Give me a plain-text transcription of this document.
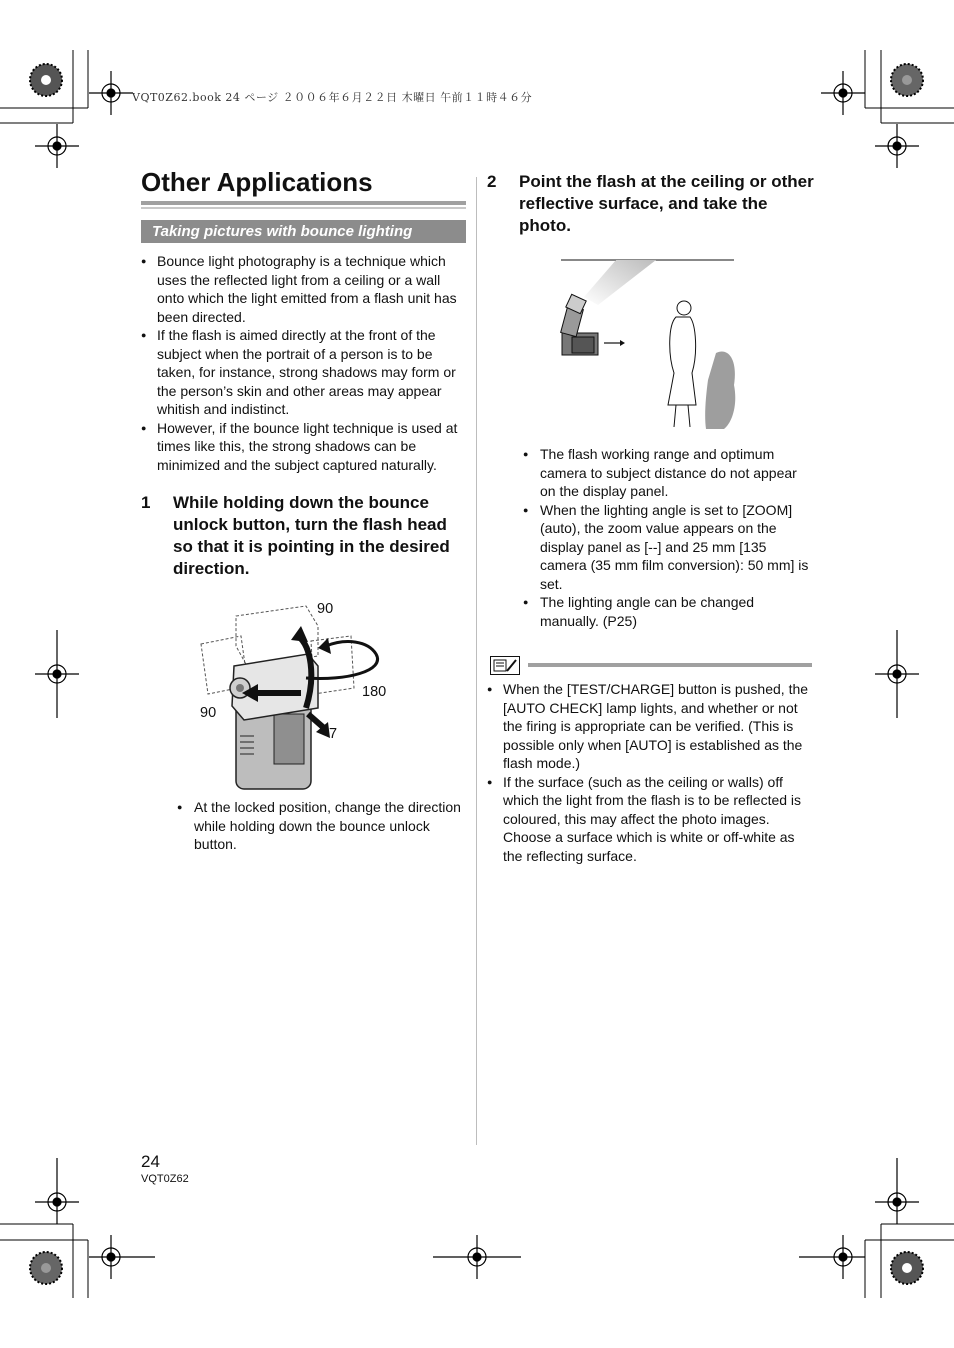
VQT0Z62.book 24 ページ ２００６年６月２２日 木曜日 午前１１時４６分
Other Applications
Taking pictures with bounce lighting
● Bounce light photography is a technique which uses the reflected light from a ceiling or a wall onto which the light emitted from a flash unit has been directed.
● If the flash is aimed directly at the front of the subject when the portrait of a person is to be taken, for instance, strong shadows may form or the person’s skin and other areas may appear whitish and indistinct.
● However, if the bounce light technique is used at times like this, the strong shadows can be minimized and the subject captured naturally.
1 While holding down the bounce unlock button, turn the flash head so that it is pointing in the desired direction.
90
180
90
7
● At the locked position, change the direction while holding down the bounce unlock button.
2 Point the flash at the ceiling or other reflective surface, and take the photo.
● The flash working range and optimum camera to subject distance do not appear on the display panel.
● When the lighting angle is set to [ZOOM] (auto), the zoom value appears on the display panel as [--] and 25 mm [135 camera (35 mm film conversion): 50 mm] is set.
● The lighting angle can be changed manually. (P25)
● When the [TEST/CHARGE] button is pushed, the [AUTO CHECK] lamp lights, and whether or not the firing is appropriate can be verified. (This is possible only when [AUTO] is established as the flash mode.)
● If the surface (such as the ceiling or walls) off which the light from the flash is to be reflected is coloured, this may affect the photo images. Choose a surface which is white or off-white as the reflecting surface.
24
VQT0Z62
